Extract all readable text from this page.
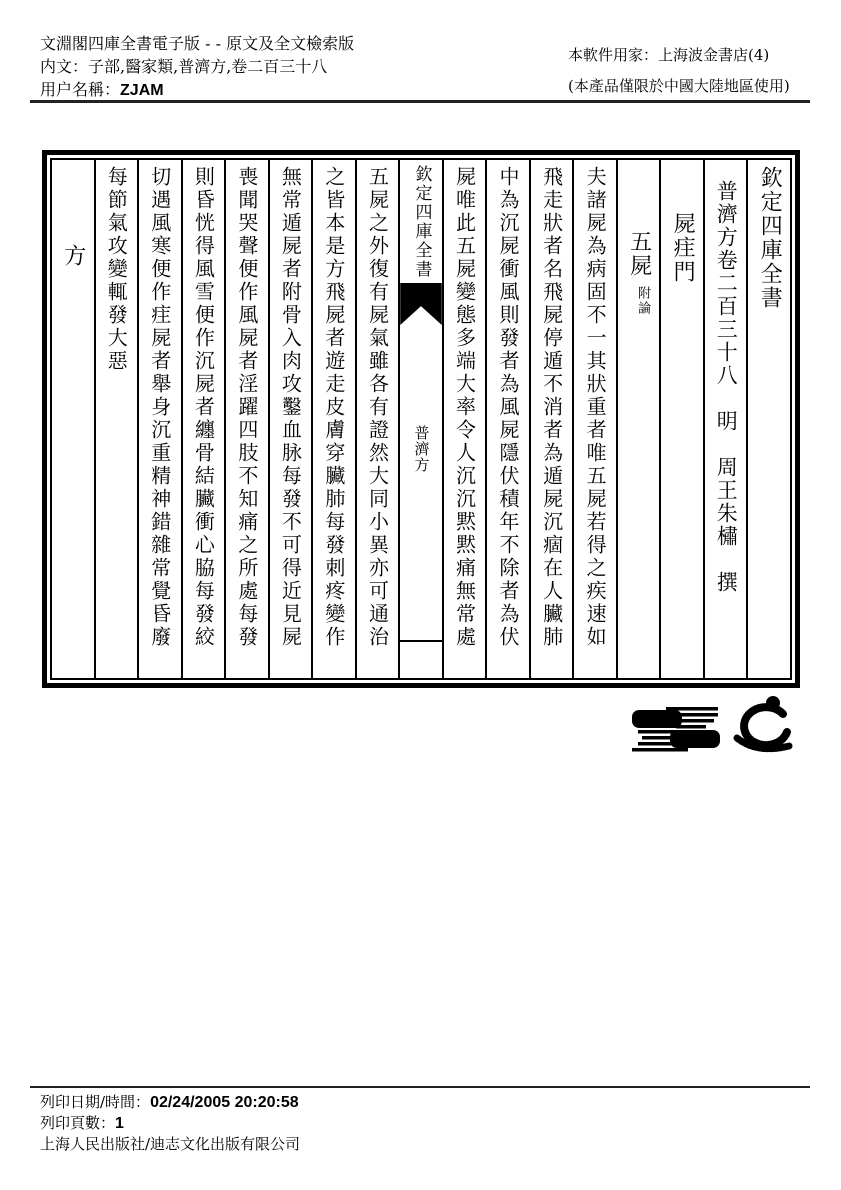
文淵閣四庫全書電子版 - - 原文及全文檢索版
内文：子部,醫家類,普濟方,卷二百三十八
用户名稱：ZJAM
本軟件用家：上海波金書店(4)
(本產品僅限於中國大陸地區使用)
欽定四庫全書
普濟方卷二百三十八　明　周王朱橚　撰
屍疰門
五屍
附論
夫諸屍為病固不一其狀重者唯五屍若得之疾速如
飛走狀者名飛屍停遁不消者為遁屍沉痼在人臟肺
中為沉屍衝風則發者為風屍隱伏積年不除者為伏
屍唯此五屍變態多端大率令人沉沉黙黙痛無常處
欽定四庫全書
普濟方
五屍之外復有屍氣雖各有證然大同小異亦可通治
之皆本是方飛屍者遊走皮膚穿臟肺每發刺疼變作
無常遁屍者附骨入肉攻鑿血脉每發不可得近見屍
喪聞哭聲便作風屍者淫躍四肢不知痛之所處每發
則昏恍得風雪便作沉屍者纏骨結臟衝心脇每發絞
切遇風寒便作疰屍者舉身沉重精神錯雜常覺昏廢
每節氣攻變輒發大惡
方
列印日期/時間：02/24/2005 20:20:58
列印頁數：1
上海人民出版社/迪志文化出版有限公司
